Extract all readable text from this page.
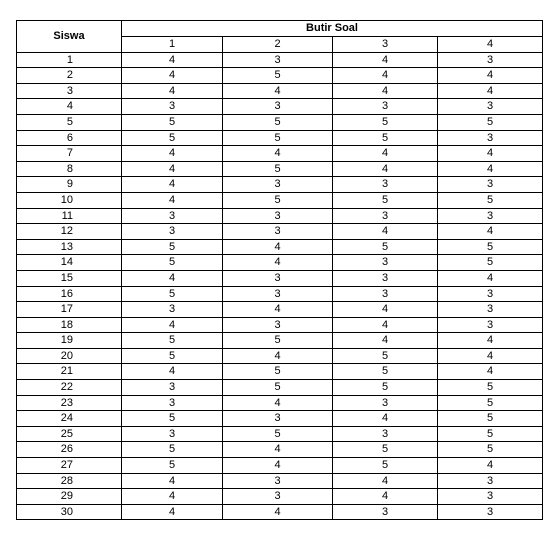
Siswa	Butir Soal			
	1	2	3	4
1	4	3	4	3
2	4	5	4	4
3	4	4	4	4
4	3	3	3	3
5	5	5	5	5
6	5	5	5	3
7	4	4	4	4
8	4	5	4	4
9	4	3	3	3
10	4	5	5	5
11	3	3	3	3
12	3	3	4	4
13	5	4	5	5
14	5	4	3	5
15	4	3	3	4
16	5	3	3	3
17	3	4	4	3
18	4	3	4	3
19	5	5	4	4
20	5	4	5	4
21	4	5	5	4
22	3	5	5	5
23	3	4	3	5
24	5	3	4	5
25	3	5	3	5
26	5	4	5	5
27	5	4	5	4
28	4	3	4	3
29	4	3	4	3
30	4	4	3	3
